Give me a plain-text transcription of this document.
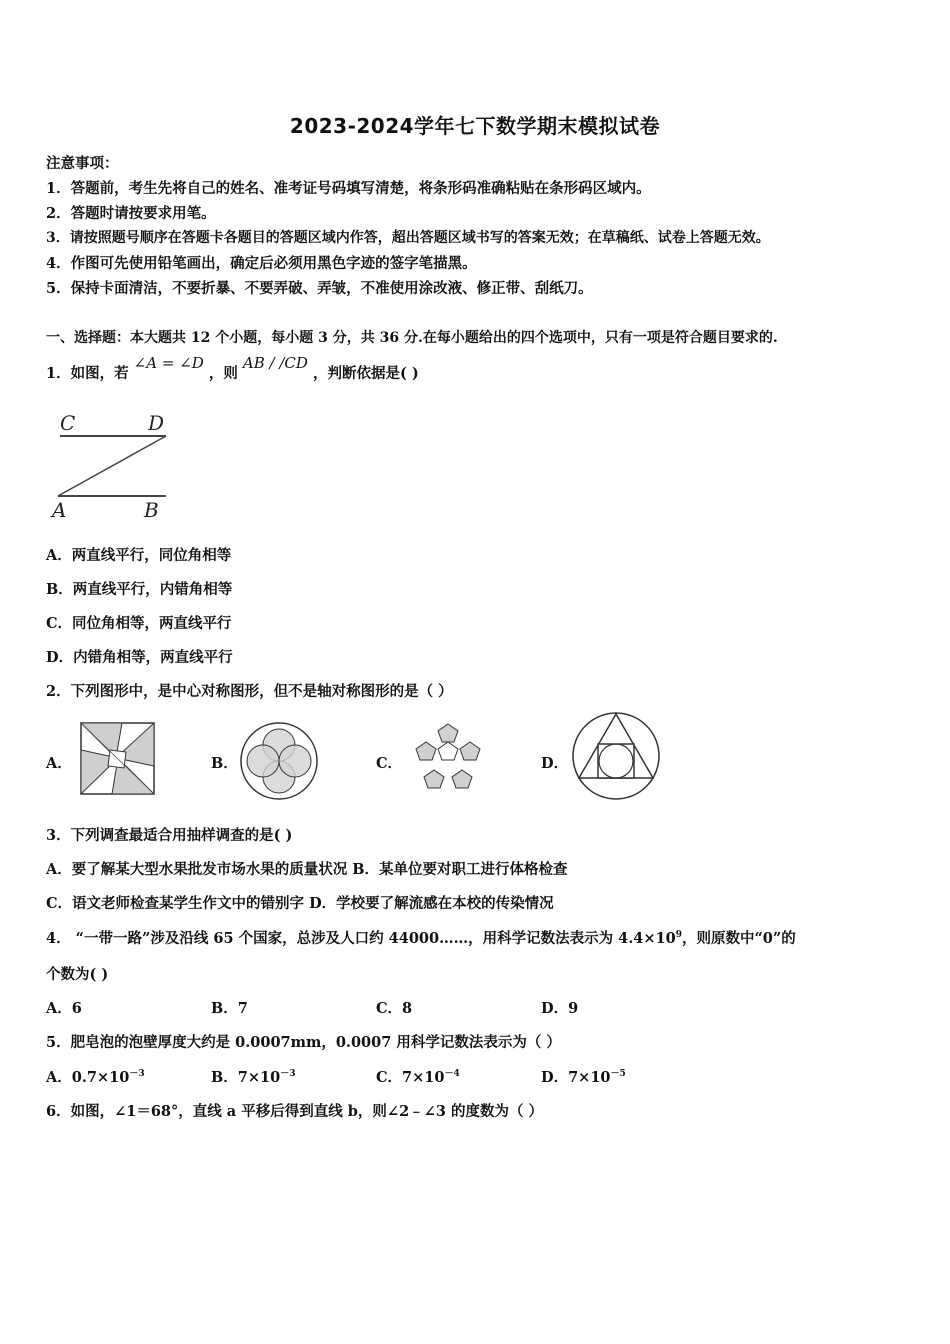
2023-2024学年七下数学期末模拟试卷
注意事项：
1．答题前，考生先将自己的姓名、准考证号码填写清楚，将条形码准确粘贴在条形码区域内。
2．答题时请按要求用笔。
3．请按照题号顺序在答题卡各题目的答题区域内作答，超出答题区域书写的答案无效；在草稿纸、试卷上答题无效。
4．作图可先使用铅笔画出，确定后必须用黑色字迹的签字笔描黑。
5．保持卡面清洁，不要折暴、不要弄破、弄皱，不准使用涂改液、修正带、刮纸刀。
一、选择题：本大题共 12 个小题，每小题 3 分，共 36 分.在每小题给出的四个选项中，只有一项是符合题目要求的.
1．如图，若 ∠A = ∠D ，则 AB / /CD ，判断依据是( )
C	D
A	B
A．两直线平行，同位角相等
B．两直线平行，内错角相等
C．同位角相等，两直线平行
D．内错角相等，两直线平行
2．下列图形中，是中心对称图形，但不是轴对称图形的是（ ）
A．	B．	C．	D．
3．下列调查最适合用抽样调查的是( )
A．要了解某大型水果批发市场水果的质量状况 B．某单位要对职工进行体格检查
C．语文老师检查某学生作文中的错别字 D．学校要了解流感在本校的传染情况
4． “一带一路”涉及沿线 65 个国家，总涉及人口约 44000……，用科学记数法表示为 $4.4\times 10^9$，则原数中“0”的
个数为( )
A．6	B．7	C．8	D．9
5．肥皂泡的泡壁厚度大约是 0.0007mm，0.0007 用科学记数法表示为（ ）
A．$0.7\times 10^{-3}$	B．$7\times 10^{-3}$	C．$7\times 10^{-4}$	D．$7\times 10^{-5}$
6．如图，∠1＝68°，直线 a 平移后得到直线 b，则∠2﹣∠3 的度数为（ ）
